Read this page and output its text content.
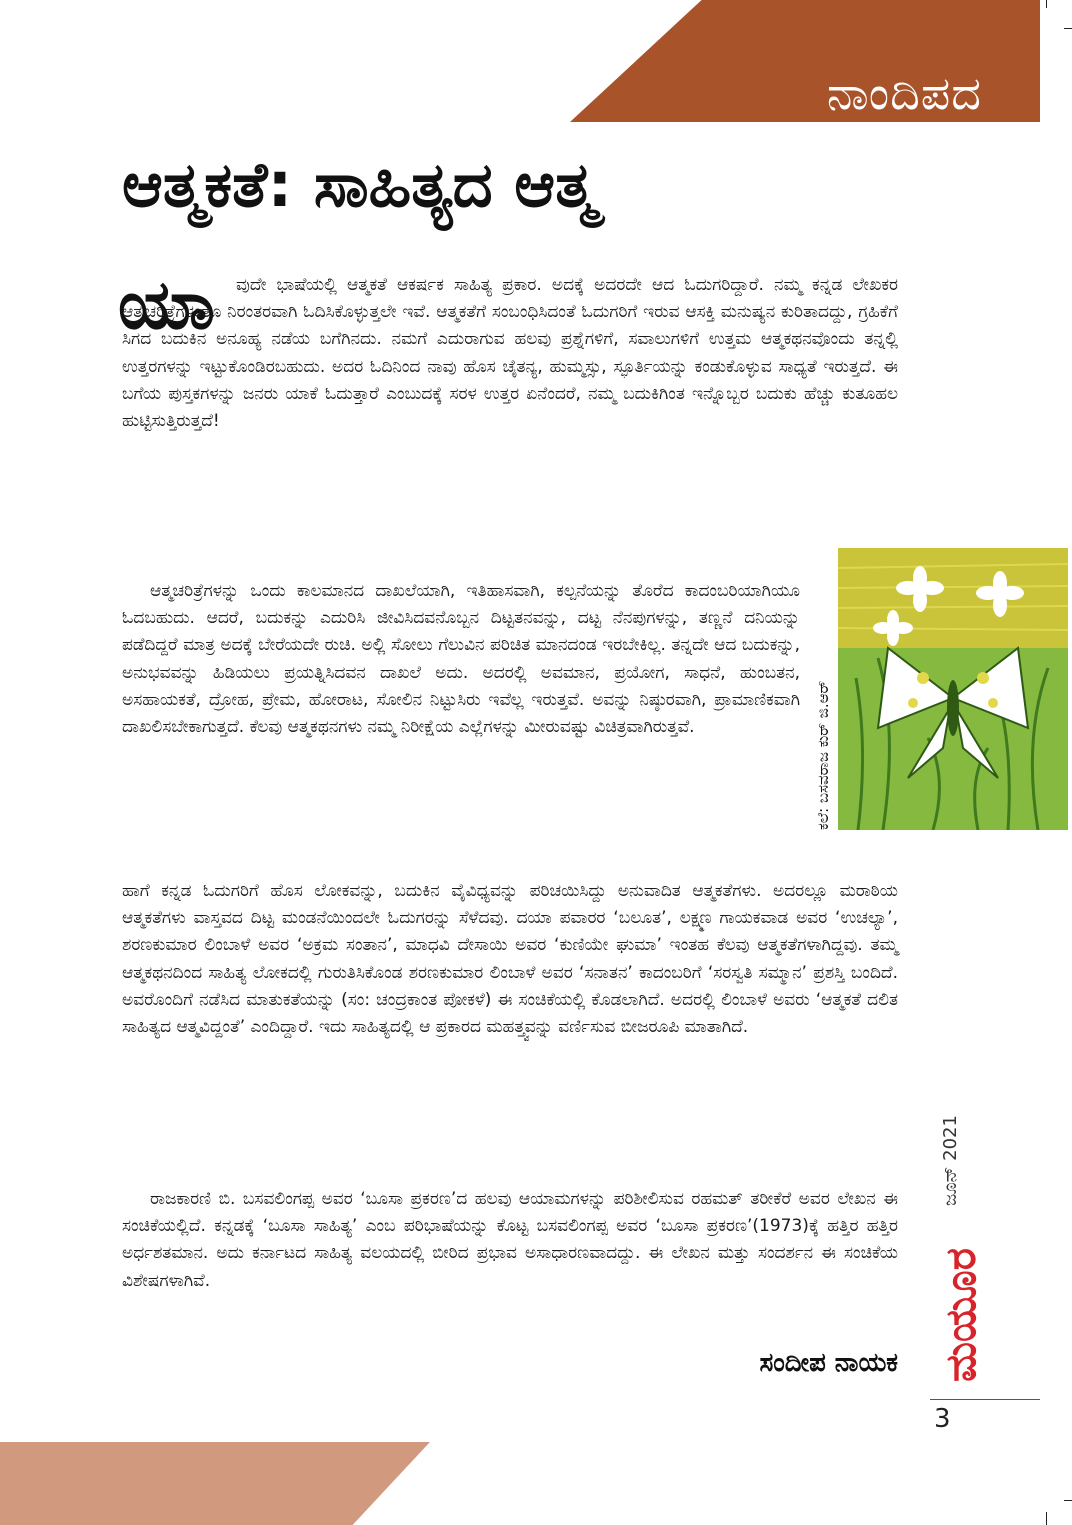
ನಾಂದಿಪದ
ಆತ್ಮಕತೆ: ಸಾಹಿತ್ಯದ ಆತ್ಮ
ಯಾ	ವುದೇ ಭಾಷೆಯಲ್ಲಿ ಆತ್ಮಕತೆ ಆಕರ್ಷಕ ಸಾಹಿತ್ಯ ಪ್ರಕಾರ. ಅದಕ್ಕೆ ಅದರದೇ ಆದ ಓದುಗರಿದ್ದಾರೆ. ನಮ್ಮ ಕನ್ನಡ ಲೇಖಕರ ಆತ್ಮಚರಿತ್ರೆಗಳಂತೂ ನಿರಂತರವಾಗಿ ಓದಿಸಿಕೊಳ್ಳುತ್ತಲೇ ಇವೆ. ಆತ್ಮಕತೆಗೆ ಸಂಬಂಧಿಸಿದಂತೆ ಓದುಗರಿಗೆ ಇರುವ ಆಸಕ್ತಿ ಮನುಷ್ಯನ ಕುರಿತಾದದ್ದು, ಗ್ರಹಿಕೆಗೆ ಸಿಗದ ಬದುಕಿನ ಅನೂಹ್ಯ ನಡೆಯ ಬಗೆಗಿನದು. ನಮಗೆ ಎದುರಾಗುವ ಹಲವು ಪ್ರಶ್ನೆಗಳಿಗೆ, ಸವಾಲುಗಳಿಗೆ ಉತ್ತಮ ಆತ್ಮಕಥನವೊಂದು ತನ್ನಲ್ಲಿ ಉತ್ತರಗಳನ್ನು ಇಟ್ಟುಕೊಂಡಿರಬಹುದು. ಅದರ ಓದಿನಿಂದ ನಾವು ಹೊಸ ಚೈತನ್ಯ, ಹುಮ್ಮಸ್ಸು, ಸ್ಫೂರ್ತಿಯನ್ನು ಕಂಡುಕೊಳ್ಳುವ ಸಾಧ್ಯತೆ ಇರುತ್ತದೆ. ಈ ಬಗೆಯ ಪುಸ್ತಕಗಳನ್ನು ಜನರು ಯಾಕೆ ಓದುತ್ತಾರೆ ಎಂಬುದಕ್ಕೆ ಸರಳ ಉತ್ತರ ಏನೆಂದರೆ, ನಮ್ಮ ಬದುಕಿಗಿಂತ ಇನ್ನೊಬ್ಬರ ಬದುಕು ಹೆಚ್ಚು ಕುತೂಹಲ ಹುಟ್ಟಿಸುತ್ತಿರುತ್ತದೆ!

ಕಲೆ: ಬಸವರಾಜ ಕುರ್ ಜಿ.ಆರ್

ಆತ್ಮಚರಿತ್ರೆಗಳನ್ನು ಒಂದು ಕಾಲಮಾನದ ದಾಖಲೆಯಾಗಿ, ಇತಿಹಾಸವಾಗಿ, ಕಲ್ಪನೆಯನ್ನು ತೊರೆದ ಕಾದಂಬರಿಯಾಗಿಯೂ ಓದಬಹುದು. ಆದರೆ, ಬದುಕನ್ನು ಎದುರಿಸಿ ಜೀವಿಸಿದವನೊಬ್ಬನ ದಿಟ್ಟತನವನ್ನು, ದಟ್ಟ ನೆನಪುಗಳನ್ನು, ತಣ್ಣನೆ ದನಿಯನ್ನು ಪಡೆದಿದ್ದರೆ ಮಾತ್ರ ಅದಕ್ಕೆ ಬೇರೆಯದೇ ರುಚಿ. ಅಲ್ಲಿ ಸೋಲು ಗೆಲುವಿನ ಪರಿಚಿತ ಮಾನದಂಡ ಇರಬೇಕಿಲ್ಲ. ತನ್ನದೇ ಆದ ಬದುಕನ್ನು, ಅನುಭವವನ್ನು ಹಿಡಿಯಲು ಪ್ರಯತ್ನಿಸಿದವನ ದಾಖಲೆ ಅದು. ಅದರಲ್ಲಿ ಅವಮಾನ, ಪ್ರಯೋಗ, ಸಾಧನೆ, ಹುಂಬತನ, ಅಸಹಾಯಕತೆ, ದ್ರೋಹ, ಪ್ರೇಮ, ಹೋರಾಟ, ಸೋಲಿನ ನಿಟ್ಟುಸಿರು ಇವೆಲ್ಲ ಇರುತ್ತವೆ. ಅವನ್ನು ನಿಷ್ಠುರವಾಗಿ, ಪ್ರಾಮಾಣಿಕವಾಗಿ ದಾಖಲಿಸಬೇಕಾಗುತ್ತದೆ. ಕೆಲವು ಆತ್ಮಕಥನಗಳು ನಮ್ಮ ನಿರೀಕ್ಷೆಯ ಎಲ್ಲೆಗಳನ್ನು ಮೀರುವಷ್ಟು ವಿಚಿತ್ರವಾಗಿರುತ್ತವೆ.

ಹಾಗೆ ಕನ್ನಡ ಓದುಗರಿಗೆ ಹೊಸ ಲೋಕವನ್ನು, ಬದುಕಿನ ವೈವಿಧ್ಯವನ್ನು ಪರಿಚಯಿಸಿದ್ದು ಅನುವಾದಿತ ಆತ್ಮಕತೆಗಳು. ಅದರಲ್ಲೂ ಮರಾಠಿಯ ಆತ್ಮಕತೆಗಳು ವಾಸ್ತವದ ದಿಟ್ಟ ಮಂಡನೆಯಿಂದಲೇ ಓದುಗರನ್ನು ಸೆಳೆದವು. ದಯಾ ಪವಾರರ ‘ಬಲೂತ’, ಲಕ್ಷ್ಮಣ ಗಾಯಕವಾಡ ಅವರ ‘ಉಚಲ್ಯಾ’, ಶರಣಕುಮಾರ ಲಿಂಬಾಳೆ ಅವರ ‘ಅಕ್ರಮ ಸಂತಾನ’, ಮಾಧವಿ ದೇಸಾಯಿ ಅವರ ‘ಕುಣಿಯೇ ಘುಮಾ’ ಇಂತಹ ಕೆಲವು ಆತ್ಮಕತೆಗಳಾಗಿದ್ದವು. ತಮ್ಮ ಆತ್ಮಕಥನದಿಂದ ಸಾಹಿತ್ಯ ಲೋಕದಲ್ಲಿ ಗುರುತಿಸಿಕೊಂಡ ಶರಣಕುಮಾರ ಲಿಂಬಾಳೆ ಅವರ ‘ಸನಾತನ’ ಕಾದಂಬರಿಗೆ ‘ಸರಸ್ವತಿ ಸಮ್ಮಾನ’ ಪ್ರಶಸ್ತಿ ಬಂದಿದೆ. ಅವರೊಂದಿಗೆ ನಡೆಸಿದ ಮಾತುಕತೆಯನ್ನು (ಸಂ: ಚಂದ್ರಕಾಂತ ಪೋಕಳೆ) ಈ ಸಂಚಿಕೆಯಲ್ಲಿ ಕೊಡಲಾಗಿದೆ. ಅದರಲ್ಲಿ ಲಿಂಬಾಳೆ ಅವರು ‘ಆತ್ಮಕತೆ ದಲಿತ ಸಾಹಿತ್ಯದ ಆತ್ಮವಿದ್ದಂತೆ’ ಎಂದಿದ್ದಾರೆ. ಇದು ಸಾಹಿತ್ಯದಲ್ಲಿ ಆ ಪ್ರಕಾರದ ಮಹತ್ತ್ವವನ್ನು ವರ್ಣಿಸುವ ಬೀಜರೂಪಿ ಮಾತಾಗಿದೆ.

ರಾಜಕಾರಣಿ ಬಿ. ಬಸವಲಿಂಗಪ್ಪ ಅವರ ‘ಬೂಸಾ ಪ್ರಕರಣ’ದ ಹಲವು ಆಯಾಮಗಳನ್ನು ಪರಿಶೀಲಿಸುವ ರಹಮತ್ ತರೀಕೆರೆ ಅವರ ಲೇಖನ ಈ ಸಂಚಿಕೆಯಲ್ಲಿದೆ. ಕನ್ನಡಕ್ಕೆ ‘ಬೂಸಾ ಸಾಹಿತ್ಯ’ ಎಂಬ ಪರಿಭಾಷೆಯನ್ನು ಕೊಟ್ಟ ಬಸವಲಿಂಗಪ್ಪ ಅವರ ‘ಬೂಸಾ ಪ್ರಕರಣ’(1973)ಕ್ಕೆ ಹತ್ತಿರ ಹತ್ತಿರ ಅರ್ಧಶತಮಾನ. ಅದು ಕರ್ನಾಟದ ಸಾಹಿತ್ಯ ವಲಯದಲ್ಲಿ ಬೀರಿದ ಪ್ರಭಾವ ಅಸಾಧಾರಣವಾದದ್ದು. ಈ ಲೇಖನ ಮತ್ತು ಸಂದರ್ಶನ ಈ ಸಂಚಿಕೆಯ ವಿಶೇಷಗಳಾಗಿವೆ.

ಸಂದೀಪ ನಾಯಕ
ಜೂನ್ 2021
ಮಯೂರ
3
